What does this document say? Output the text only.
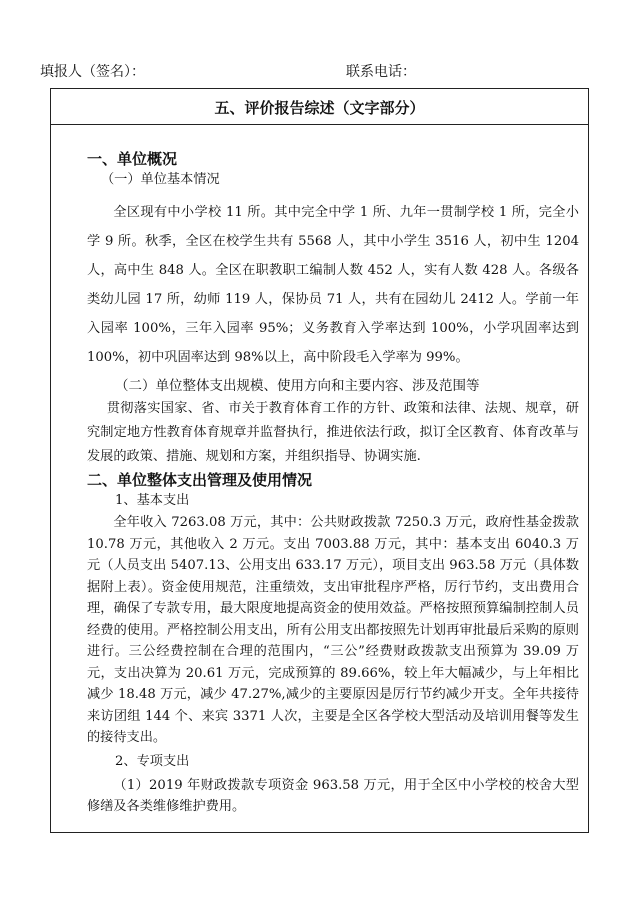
填报人（签名）：	联系电话：
五、评价报告综述（文字部分）
一、单位概况
（一）单位基本情况
全区现有中小学校 11 所。其中完全中学 1 所、九年一贯制学校 1 所，完全小学 9 所。秋季，全区在校学生共有 5568 人，其中小学生 3516 人，初中生 1204 人，高中生 848 人。全区在职教职工编制人数 452 人，实有人数 428 人。各级各类幼儿园 17 所，幼师 119 人，保协员 71 人，共有在园幼儿 2412 人。学前一年入园率 100%，三年入园率 95%；义务教育入学率达到 100%，小学巩固率达到 100%，初中巩固率达到 98%以上，高中阶段毛入学率为 99%。
（二）单位整体支出规模、使用方向和主要内容、涉及范围等
贯彻落实国家、省、市关于教育体育工作的方针、政策和法律、法规、规章，研究制定地方性教育体育规章并监督执行，推进依法行政，拟订全区教育、体育改革与发展的政策、措施、规划和方案，并组织指导、协调实施.
二、单位整体支出管理及使用情况
1、基本支出
全年收入 7263.08 万元，其中：公共财政拨款 7250.3 万元，政府性基金拨款 10.78 万元，其他收入 2 万元。支出 7003.88 万元，其中：基本支出 6040.3 万元（人员支出 5407.13、公用支出 633.17 万元），项目支出 963.58 万元（具体数据附上表）。资金使用规范，注重绩效，支出审批程序严格，厉行节约，支出费用合理，确保了专款专用，最大限度地提高资金的使用效益。严格按照预算编制控制人员经费的使用。严格控制公用支出，所有公用支出都按照先计划再审批最后采购的原则进行。三公经费控制在合理的范围内，“三公”经费财政拨款支出预算为 39.09 万元，支出决算为 20.61 万元，完成预算的 89.66%，较上年大幅减少，与上年相比减少 18.48 万元，减少 47.27%,减少的主要原因是厉行节约减少开支。全年共接待来访团组 144 个、来宾 3371 人次，主要是全区各学校大型活动及培训用餐等发生的接待支出。
2、专项支出
（1）2019 年财政拨款专项资金 963.58 万元，用于全区中小学校的校舍大型修缮及各类维修维护费用。
